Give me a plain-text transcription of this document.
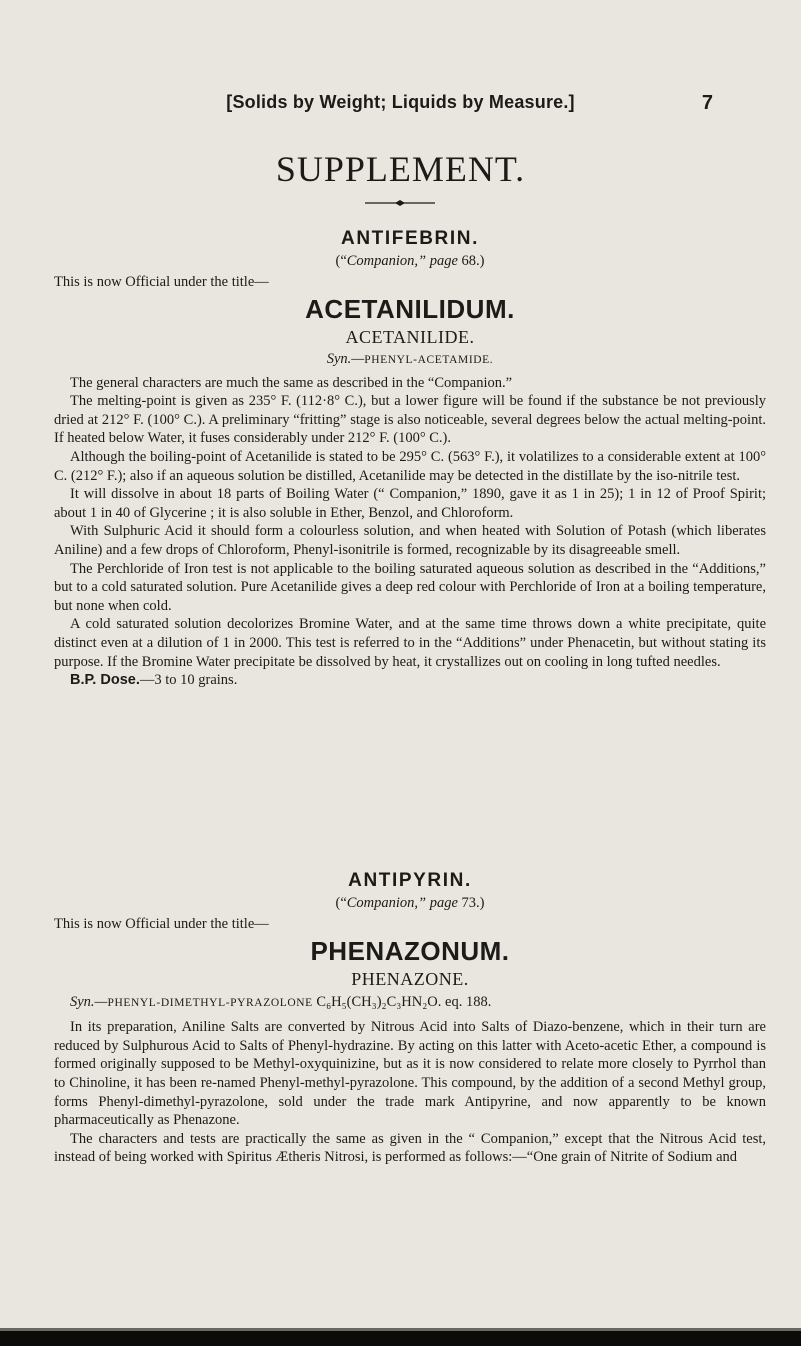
[Solids by Weight; Liquids by Measure.]	7
SUPPLEMENT.
ANTIFEBRIN.
(“Companion,” page 68.)
This is now Official under the title—
ACETANILIDUM.
ACETANILIDE.
Syn.—PHENYL-ACETAMIDE.

The general characters are much the same as described in the “Companion.”

The melting-point is given as 235° F. (112·8° C.), but a lower figure will be found if the substance be not previously dried at 212° F. (100° C.). A preliminary “fritting” stage is also noticeable, several degrees below the actual melting-point. If heated below Water, it fuses considerably under 212° F. (100° C.).

Although the boiling-point of Acetanilide is stated to be 295° C. (563° F.), it volatilizes to a considerable extent at 100° C. (212° F.); also if an aqueous solution be distilled, Acetanilide may be detected in the distillate by the iso-nitrile test.

It will dissolve in about 18 parts of Boiling Water (“ Companion,” 1890, gave it as 1 in 25); 1 in 12 of Proof Spirit; about 1 in 40 of Glycerine ; it is also soluble in Ether, Benzol, and Chloroform.

With Sulphuric Acid it should form a colourless solution, and when heated with Solution of Potash (which liberates Aniline) and a few drops of Chloroform, Phenyl-isonitrile is formed, recognizable by its disagreeable smell.

The Perchloride of Iron test is not applicable to the boiling saturated aqueous solution as described in the “Additions,” but to a cold saturated solution. Pure Acetanilide gives a deep red colour with Perchloride of Iron at a boiling temperature, but none when cold.

A cold saturated solution decolorizes Bromine Water, and at the same time throws down a white precipitate, quite distinct even at a dilution of 1 in 2000. This test is referred to in the “Additions” under Phenacetin, but without stating its purpose. If the Bromine Water precipitate be dissolved by heat, it crystallizes out on cooling in long tufted needles.

B.P. Dose.—3 to 10 grains.

ANTIPYRIN.
(“Companion,” page 73.)
This is now Official under the title—
PHENAZONUM.
PHENAZONE.
Syn.—PHENYL-DIMETHYL-PYRAZOLONE C₆H₅(CH₃)₂C₃HN₂O. eq. 188.

In its preparation, Aniline Salts are converted by Nitrous Acid into Salts of Diazo-benzene, which in their turn are reduced by Sulphurous Acid to Salts of Phenyl-hydrazine. By acting on this latter with Aceto-acetic Ether, a compound is formed originally supposed to be Methyl-oxyquinizine, but as it is now considered to relate more closely to Pyrrhol than to Chinoline, it has been re-named Phenyl-methyl-pyrazolone. This compound, by the addition of a second Methyl group, forms Phenyl-dimethyl-pyrazolone, sold under the trade mark Antipyrine, and now apparently to be known pharmaceutically as Phenazone.

The characters and tests are practically the same as given in the “ Companion,” except that the Nitrous Acid test, instead of being worked with Spiritus Ætheris Nitrosi, is performed as follows:—“One grain of Nitrite of Sodium and
